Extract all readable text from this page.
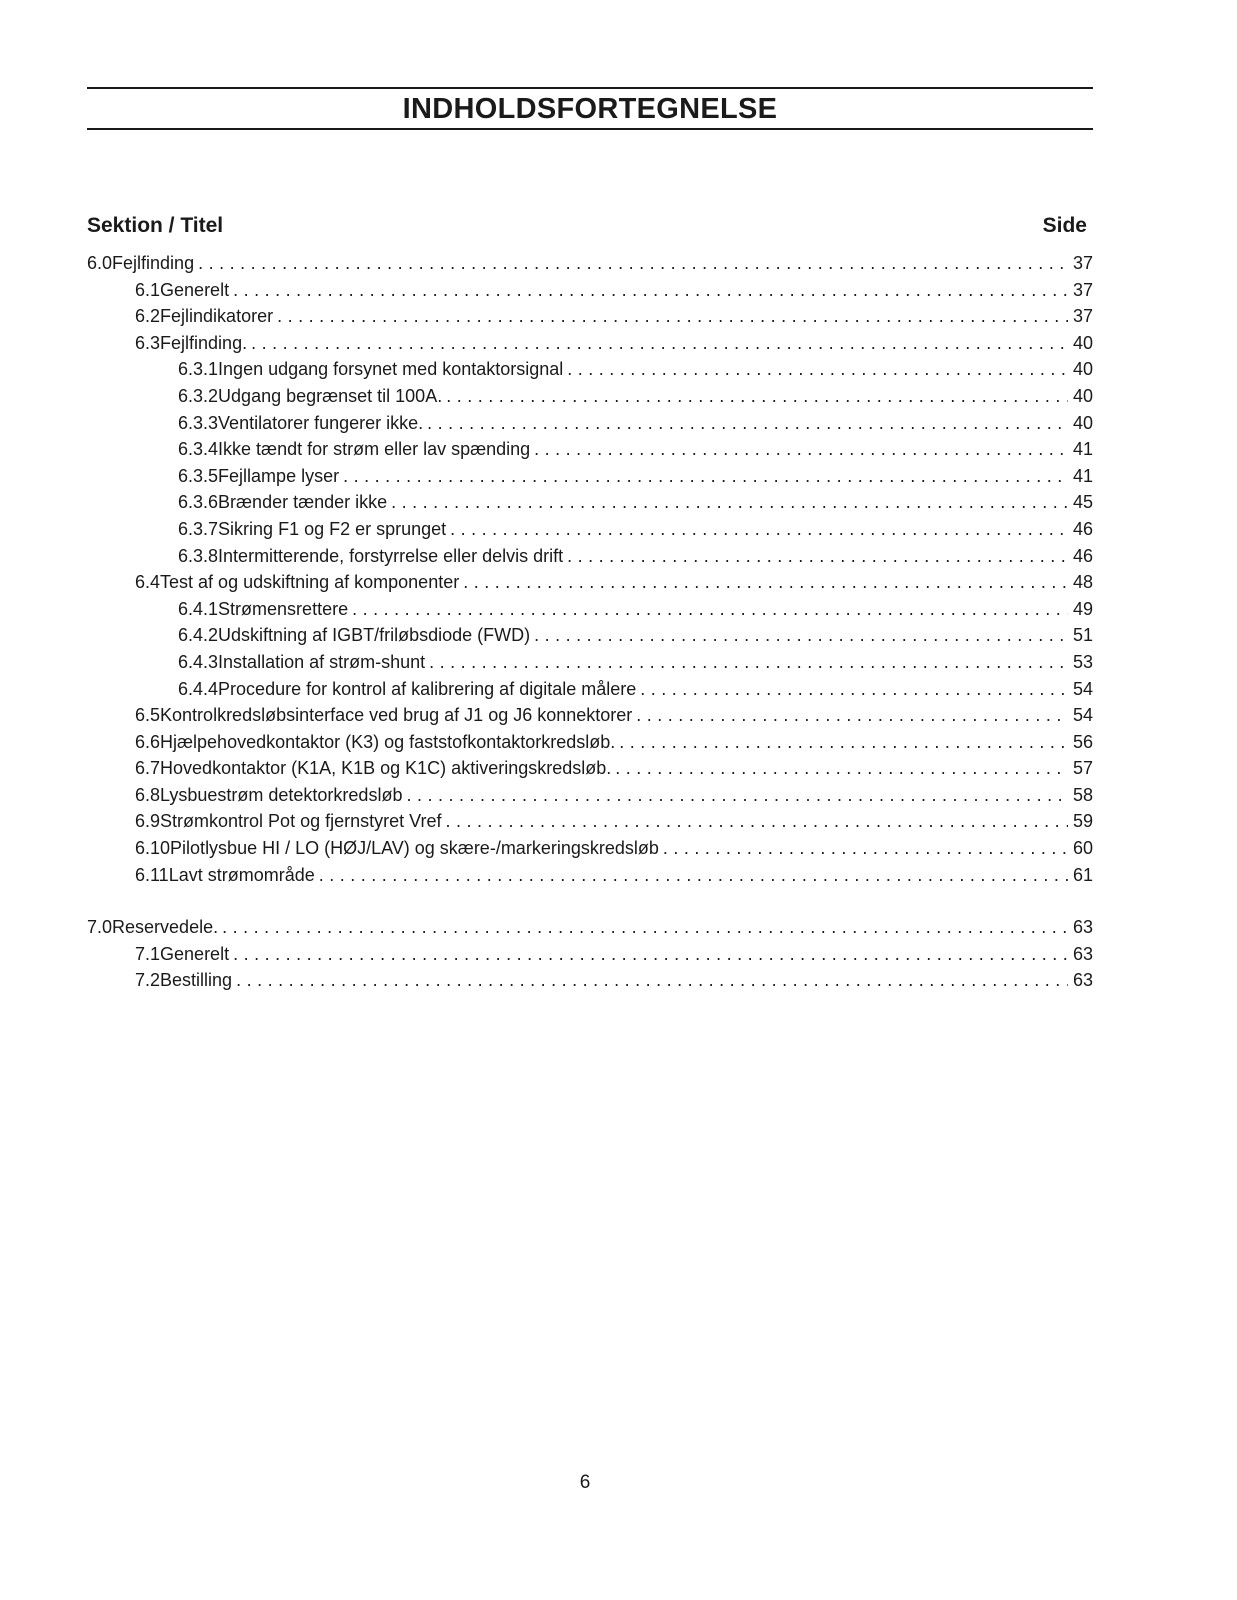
INDHOLDSFORTEGNELSE
Sektion / Titel	Side
6.0 Fejlfinding . . .	37
6.1 Generelt . . .	37
6.2 Fejlindikatorer . . .	37
6.3 Fejlfinding. . . .	40
6.3.1 Ingen udgang forsynet med kontaktorsignal . . .	40
6.3.2 Udgang begrænset til 100A. . . .	40
6.3.3 Ventilatorer fungerer ikke. . . .	40
6.3.4 Ikke tændt for strøm eller lav spænding . . .	41
6.3.5 Fejllampe lyser . . .	41
6.3.6 Brænder tænder ikke . . .	45
6.3.7 Sikring F1 og F2 er sprunget . . .	46
6.3.8 Intermitterende, forstyrrelse eller delvis drift . . .	46
6.4 Test af og udskiftning af komponenter . . .	48
6.4.1 Strømensrettere . . .	49
6.4.2 Udskiftning af IGBT/friløbsdiode (FWD) . . .	51
6.4.3 Installation af strøm-shunt . . .	53
6.4.4 Procedure for kontrol af kalibrering af digitale målere . . .	54
6.5 Kontrolkredsløbsinterface ved brug af J1 og J6 konnektorer . . .	54
6.6 Hjælpehovedkontaktor (K3) og faststofkontaktorkredsløb. . . .	56
6.7 Hovedkontaktor (K1A, K1B og K1C) aktiveringskredsløb. . . .	57
6.8 Lysbuestrøm detektorkredsløb . . .	58
6.9 Strømkontrol Pot og fjernstyret Vref . . .	59
6.10 Pilotlysbue HI / LO (HØJ/LAV) og skære-/markeringskredsløb . . .	60
6.11 Lavt strømområde . . .	61
7.0 Reservedele. . . .	63
7.1 Generelt . . .	63
7.2 Bestilling . . .	63
6
